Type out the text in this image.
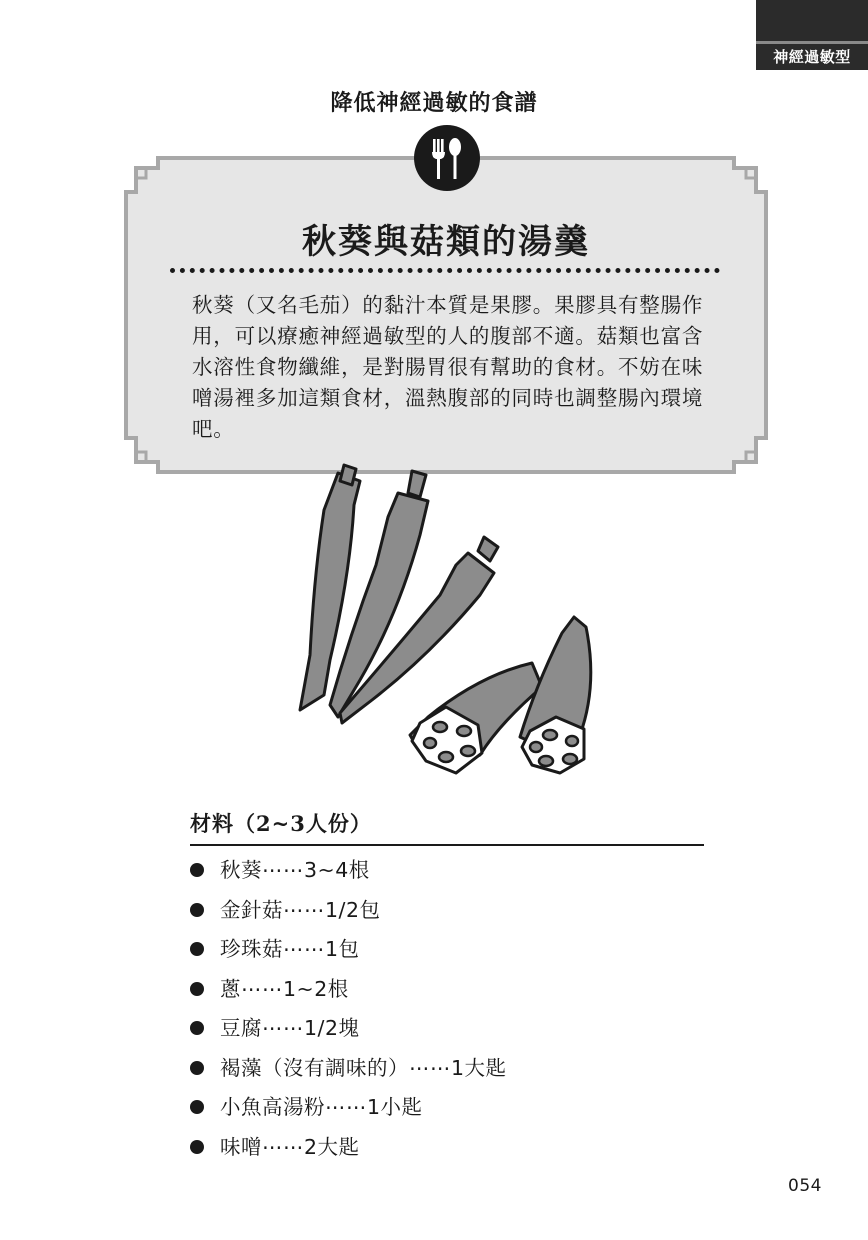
神經過敏型
降低神經過敏的食譜
秋葵與菇類的湯羹
秋葵（又名毛茄）的黏汁本質是果膠。果膠具有整腸作用，可以療癒神經過敏型的人的腹部不適。菇類也富含水溶性食物纖維，是對腸胃很有幫助的食材。不妨在味噌湯裡多加這類食材，溫熱腹部的同時也調整腸內環境吧。
材料（2~3人份）
秋葵⋯⋯3~4根
金針菇⋯⋯1/2包
珍珠菇⋯⋯1包
蔥⋯⋯1~2根
豆腐⋯⋯1/2塊
褐藻（沒有調味的）⋯⋯1大匙
小魚高湯粉⋯⋯1小匙
味噌⋯⋯2大匙
054
